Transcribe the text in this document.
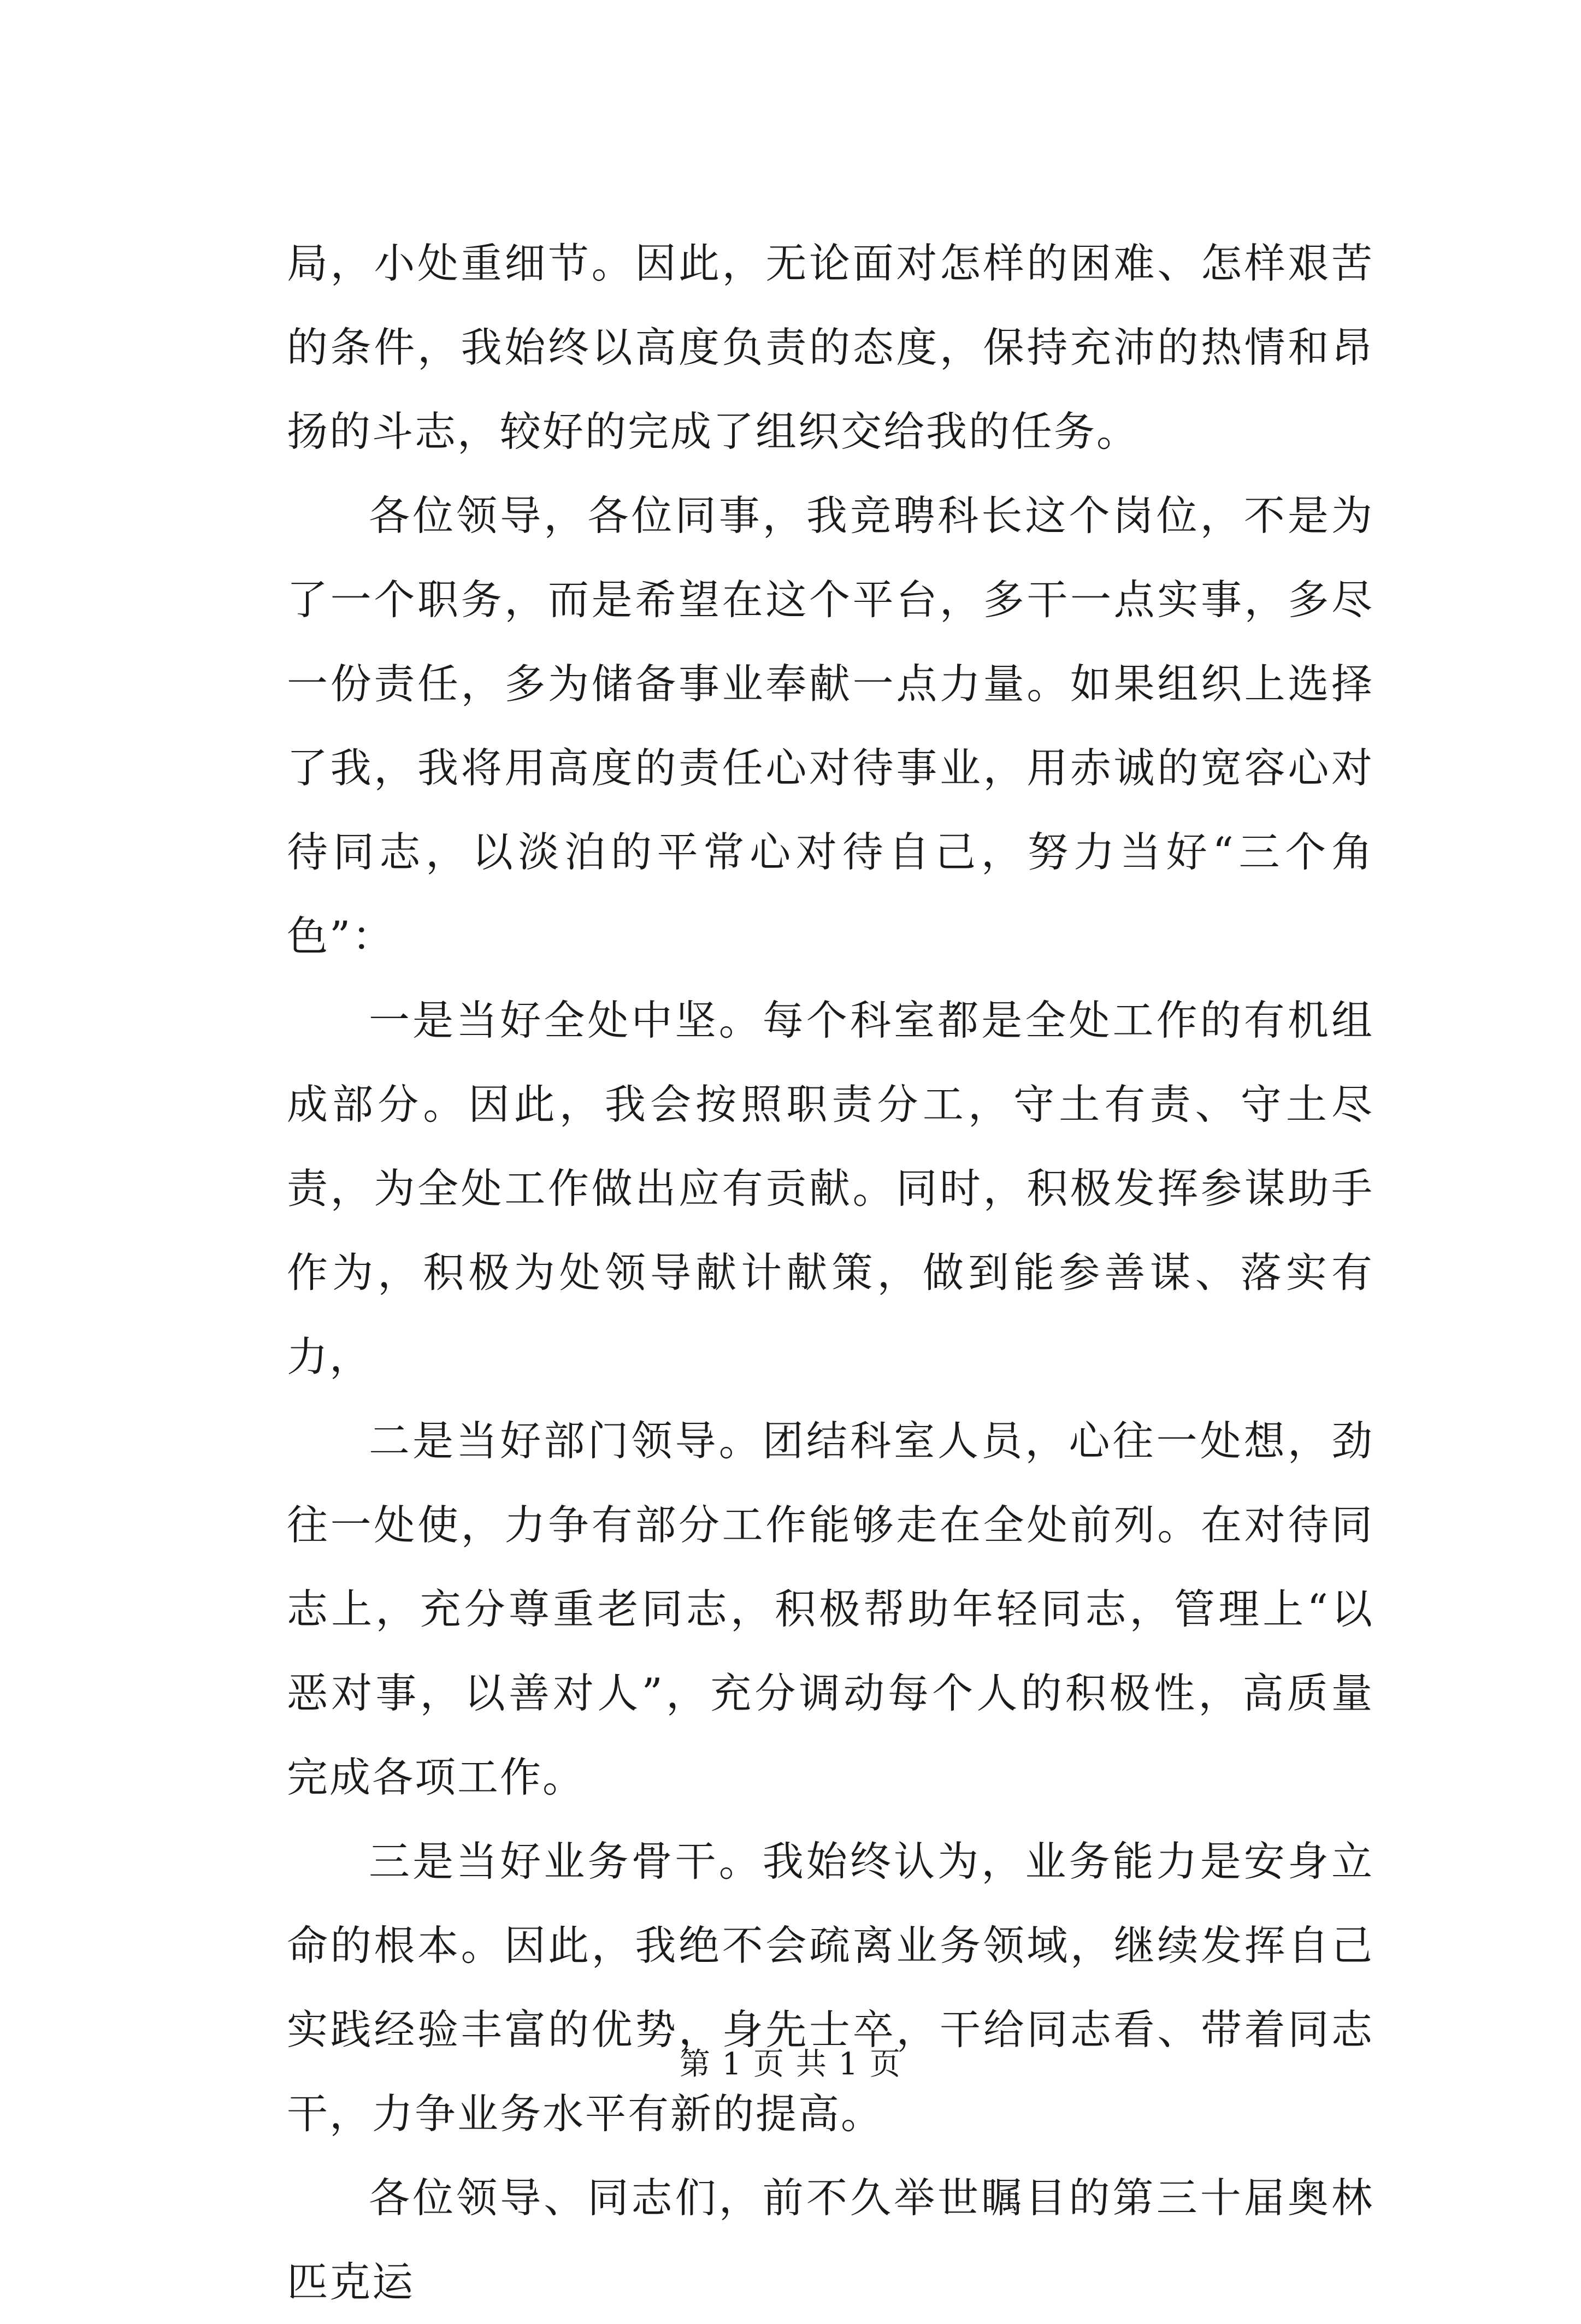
局，小处重细节。因此，无论面对怎样的困难、怎样艰苦的条件，我始终以高度负责的态度，保持充沛的热情和昂扬的斗志，较好的完成了组织交给我的任务。

各位领导，各位同事，我竞聘科长这个岗位，不是为了一个职务，而是希望在这个平台，多干一点实事，多尽一份责任，多为储备事业奉献一点力量。如果组织上选择了我，我将用高度的责任心对待事业，用赤诚的宽容心对待同志，以淡泊的平常心对待自己，努力当好“三个角色”：

一是当好全处中坚。每个科室都是全处工作的有机组成部分。因此，我会按照职责分工，守土有责、守土尽责，为全处工作做出应有贡献。同时，积极发挥参谋助手作为，积极为处领导献计献策，做到能参善谋、落实有力，

二是当好部门领导。团结科室人员，心往一处想，劲往一处使，力争有部分工作能够走在全处前列。在对待同志上，充分尊重老同志，积极帮助年轻同志，管理上“以恶对事，以善对人”，充分调动每个人的积极性，高质量完成各项工作。

三是当好业务骨干。我始终认为，业务能力是安身立命的根本。因此，我绝不会疏离业务领域，继续发挥自己实践经验丰富的优势，身先士卒，干给同志看、带着同志干，力争业务水平有新的提高。

各位领导、同志们，前不久举世瞩目的第三十届奥林匹克运

第 1 页 共 1 页
